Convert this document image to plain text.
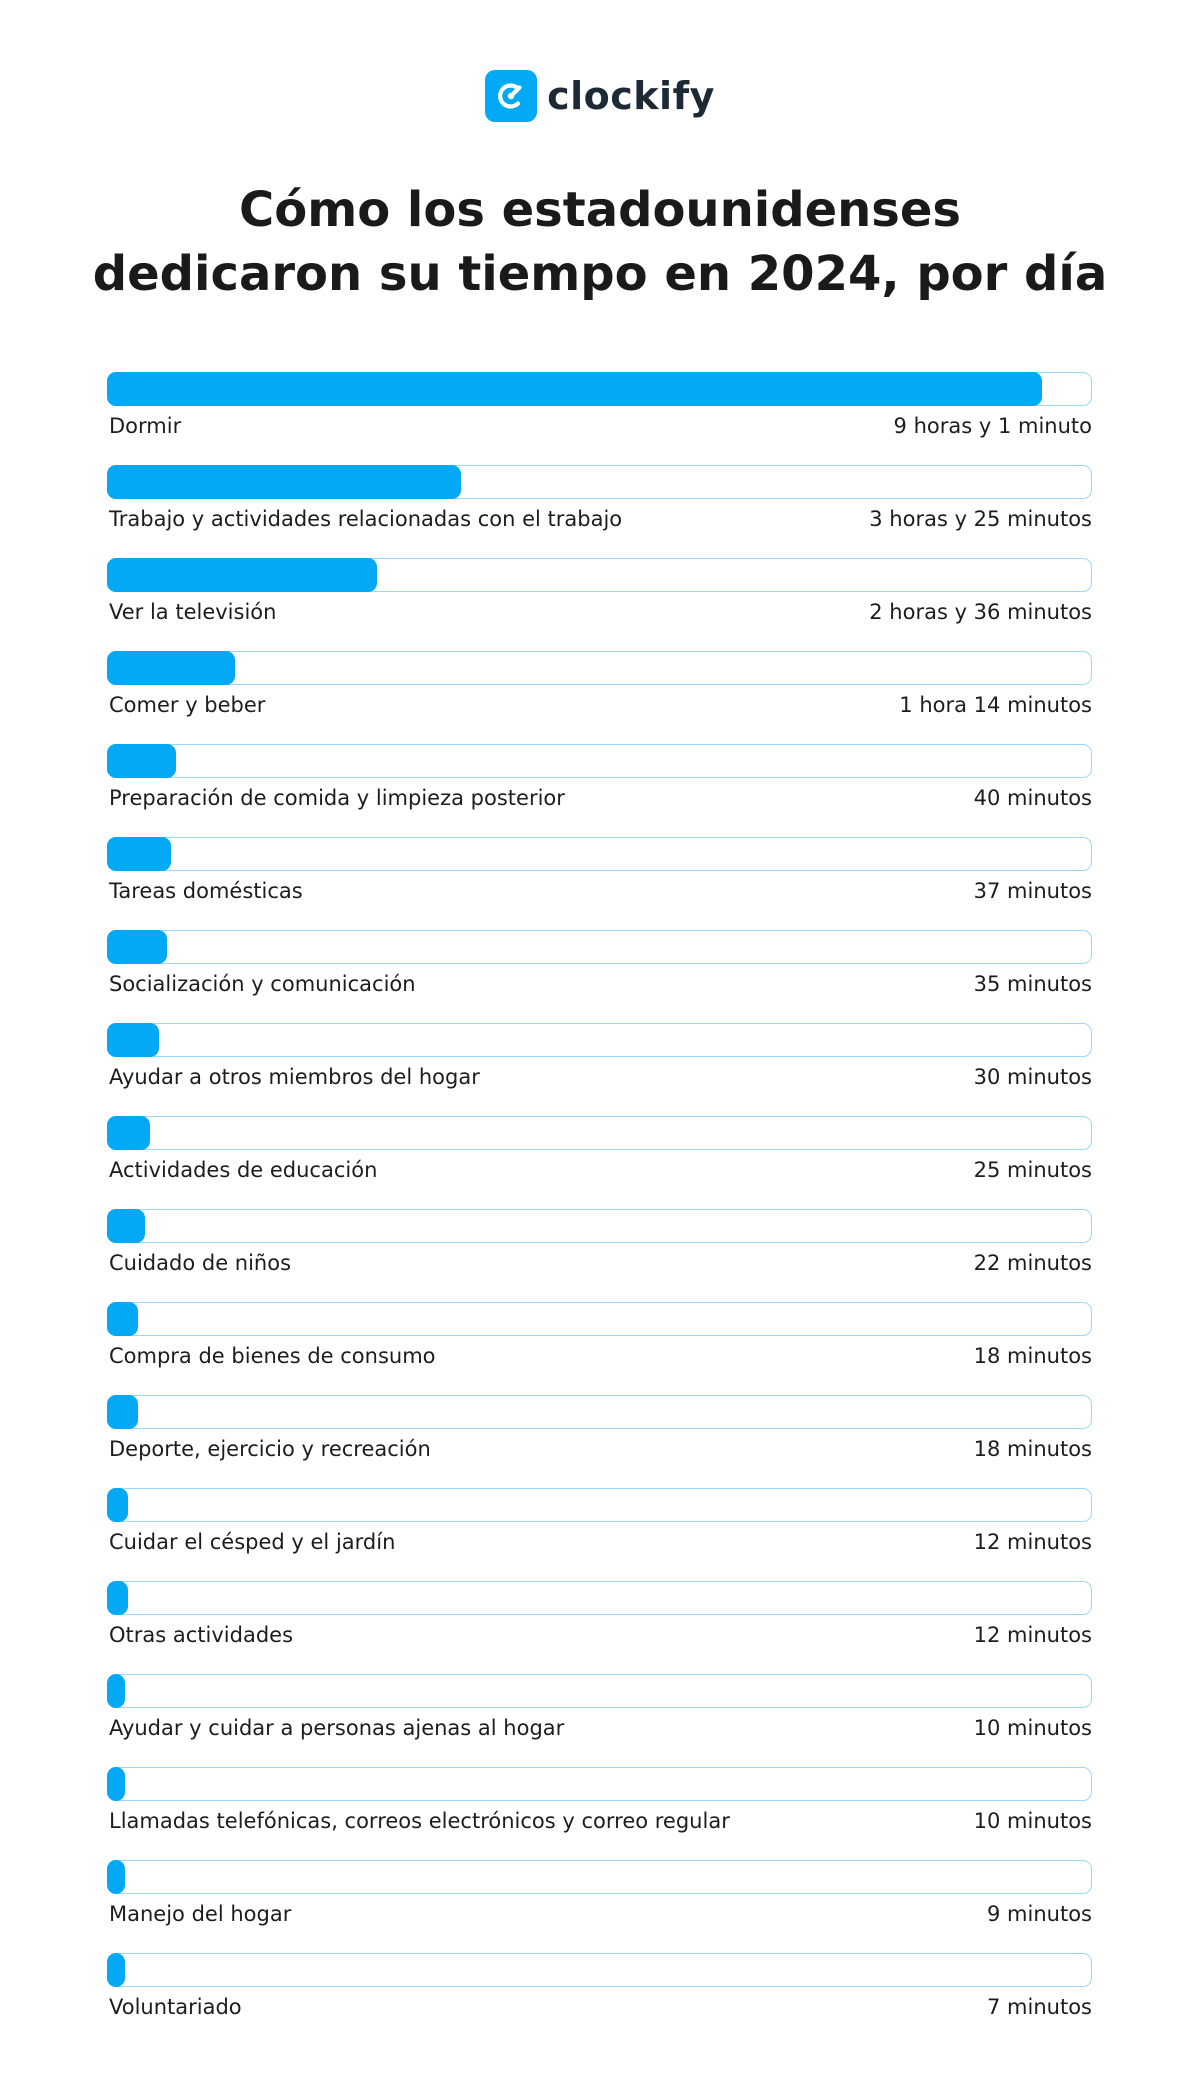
clockify
Cómo los estadounidenses
dedicaron su tiempo en 2024, por día
Dormir	9 horas y 1 minuto
Trabajo y actividades relacionadas con el trabajo	3 horas y 25 minutos
Ver la televisión	2 horas y 36 minutos
Comer y beber	1 hora 14 minutos
Preparación de comida y limpieza posterior	40 minutos
Tareas domésticas	37 minutos
Socialización y comunicación	35 minutos
Ayudar a otros miembros del hogar	30 minutos
Actividades de educación	25 minutos
Cuidado de niños	22 minutos
Compra de bienes de consumo	18 minutos
Deporte, ejercicio y recreación	18 minutos
Cuidar el césped y el jardín	12 minutos
Otras actividades	12 minutos
Ayudar y cuidar a personas ajenas al hogar	10 minutos
Llamadas telefónicas, correos electrónicos y correo regular	10 minutos
Manejo del hogar	9 minutos
Voluntariado	7 minutos
